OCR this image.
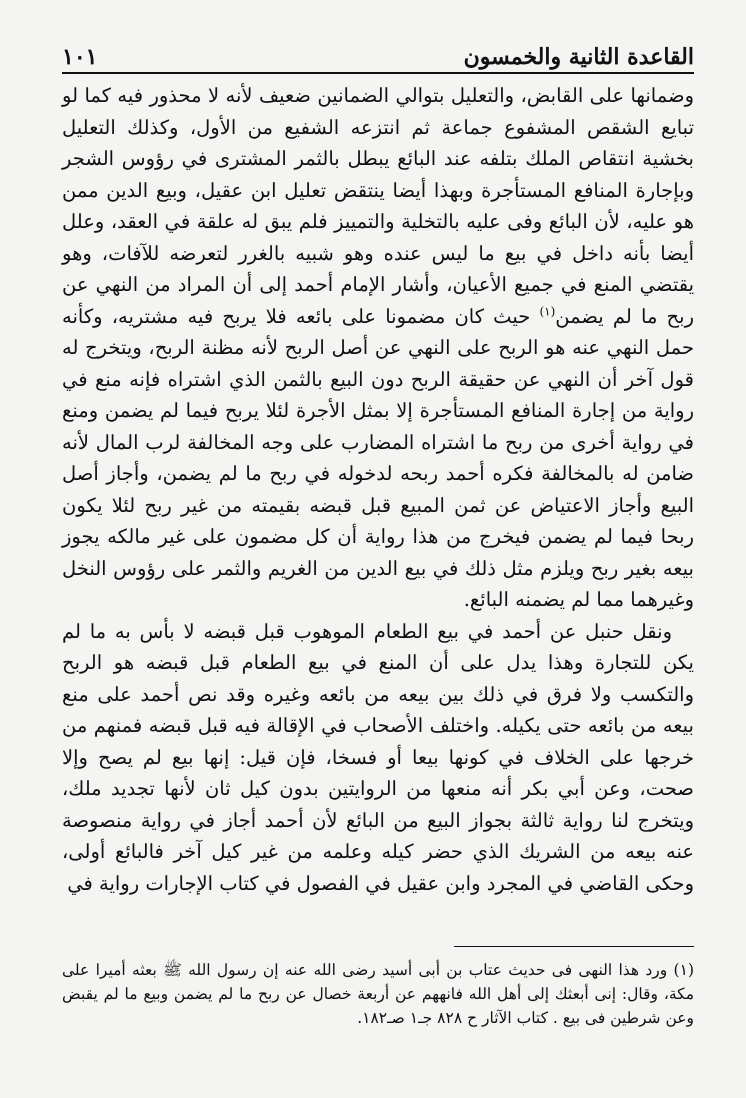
القاعدة الثانية والخمسون
١٠١

وضمانها على القابض، والتعليل بتوالي الضمانين ضعيف لأنه لا محذور فيه كما لو تبايع الشقص المشفوع جماعة ثم انتزعه الشفيع من الأول، وكذلك التعليل بخشية انتقاص الملك بتلفه عند البائع يبطل بالثمر المشترى في رؤوس الشجر وبإجارة المنافع المستأجرة وبهذا أيضا ينتقض تعليل ابن عقيل، وبيع الدين ممن هو عليه، لأن البائع وفى عليه بالتخلية والتمييز فلم يبق له علقة في العقد، وعلل أيضا بأنه داخل في بيع ما ليس عنده وهو شبيه بالغرر لتعرضه للآفات، وهو يقتضي المنع في جميع الأعيان، وأشار الإمام أحمد إلى أن المراد من النهي عن ربح ما لم يضمن$^{(١)}$ حيث كان مضمونا على بائعه فلا يربح فيه مشتريه، وكأنه حمل النهي عنه هو الربح على النهي عن أصل الربح لأنه مظنة الربح، ويتخرج له قول آخر أن النهي عن حقيقة الربح دون البيع بالثمن الذي اشتراه فإنه منع في رواية من إجارة المنافع المستأجرة إلا بمثل الأجرة لئلا يربح فيما لم يضمن ومنع في رواية أخرى من ربح ما اشتراه المضارب على وجه المخالفة لرب المال لأنه ضامن له بالمخالفة فكره أحمد ربحه لدخوله في ربح ما لم يضمن، وأجاز أصل البيع وأجاز الاعتياض عن ثمن المبيع قبل قبضه بقيمته من غير ربح لئلا يكون ربحا فيما لم يضمن فيخرج من هذا رواية أن كل مضمون على غير مالكه يجوز بيعه بغير ربح ويلزم مثل ذلك في بيع الدين من الغريم والثمر على رؤوس النخل وغيرهما مما لم يضمنه البائع.

ونقل حنبل عن أحمد في بيع الطعام الموهوب قبل قبضه لا بأس به ما لم يكن للتجارة وهذا يدل على أن المنع في بيع الطعام قبل قبضه هو الربح والتكسب ولا فرق في ذلك بين بيعه من بائعه وغيره وقد نص أحمد على منع بيعه من بائعه حتى يكيله. واختلف الأصحاب في الإقالة فيه قبل قبضه فمنهم من خرجها على الخلاف في كونها بيعا أو فسخا، فإن قيل: إنها بيع لم يصح وإلا صحت، وعن أبي بكر أنه منعها من الروايتين بدون كيل ثان لأنها تجديد ملك، ويتخرج لنا رواية ثالثة بجواز البيع من البائع لأن أحمد أجاز في رواية منصوصة عنه بيعه من الشريك الذي حضر كيله وعلمه من غير كيل آخر فالبائع أولى، وحكى القاضي في المجرد وابن عقيل في الفصول في كتاب الإجارات رواية في

(١) ورد هذا النهى فى حديث عتاب بن أبى أسيد رضى الله عنه إن رسول الله ﷺ بعثه أميرا على مكة، وقال: إنى أبعثك إلى أهل الله فانههم عن أربعة خصال عن ربح ما لم يضمن وبيع ما لم يقبض وعن شرطين فى بيع . كتاب الآثار ح ٨٢٨ جـ١ صـ١٨٢.
